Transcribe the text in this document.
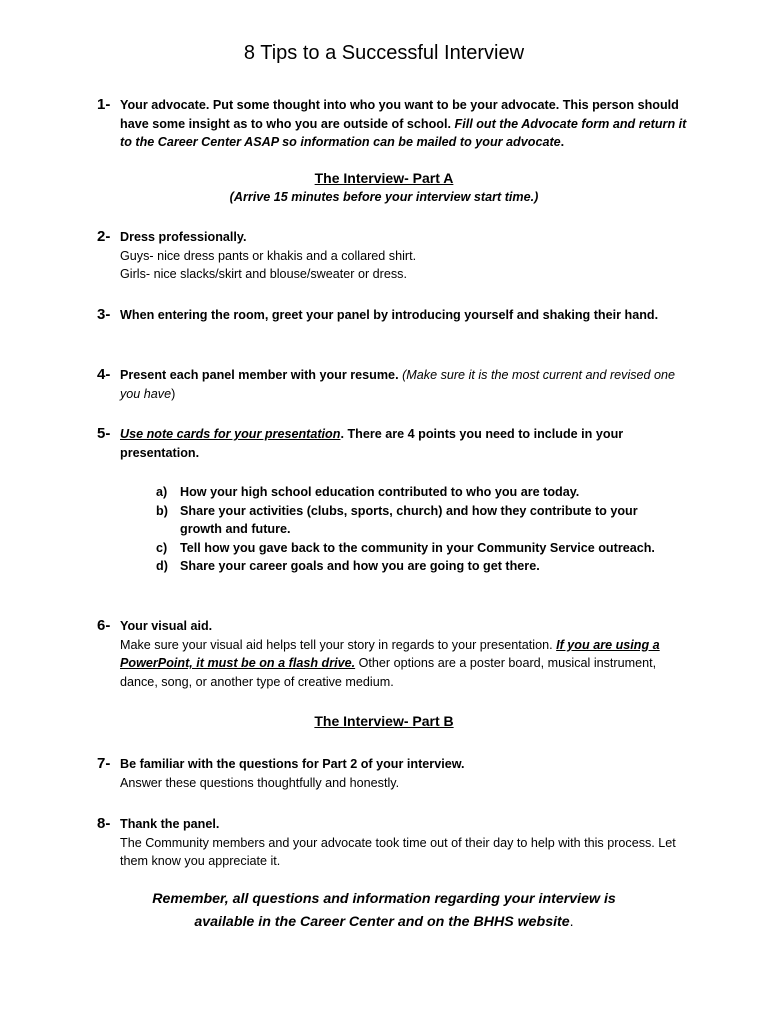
8 Tips to a Successful Interview
1- Your advocate. Put some thought into who you want to be your advocate. This person should have some insight as to who you are outside of school. Fill out the Advocate form and return it to the Career Center ASAP so information can be mailed to your advocate.
The Interview- Part A
(Arrive 15 minutes before your interview start time.)
2- Dress professionally.
Guys- nice dress pants or khakis and a collared shirt.
Girls- nice slacks/skirt and blouse/sweater or dress.
3- When entering the room, greet your panel by introducing yourself and shaking their hand.
4- Present each panel member with your resume. (Make sure it is the most current and revised one you have)
5- Use note cards for your presentation. There are 4 points you need to include in your presentation.
a) How your high school education contributed to who you are today.
b) Share your activities (clubs, sports, church) and how they contribute to your growth and future.
c) Tell how you gave back to the community in your Community Service outreach.
d) Share your career goals and how you are going to get there.
6- Your visual aid.
Make sure your visual aid helps tell your story in regards to your presentation. If you are using a PowerPoint, it must be on a flash drive. Other options are a poster board, musical instrument, dance, song, or another type of creative medium.
The Interview- Part B
7- Be familiar with the questions for Part 2 of your interview.
Answer these questions thoughtfully and honestly.
8- Thank the panel.
The Community members and your advocate took time out of their day to help with this process. Let them know you appreciate it.
Remember, all questions and information regarding your interview is
available in the Career Center and on the BHHS website.
